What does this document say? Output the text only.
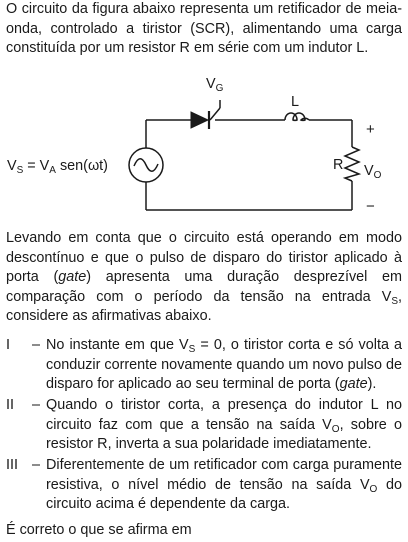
O circuito da figura abaixo representa um retificador de meia-onda, controlado a tiristor (SCR), alimentando uma carga constituída por um resistor R em série com um indutor L.
$V_S = V_A$ sen(ωt)
$V_G$
L
R $V_O$
+
−
Levando em conta que o circuito está operando em modo descontínuo e que o pulso de disparo do tiristor aplicado à porta (gate) apresenta uma duração desprezível em comparação com o período da tensão na entrada $V_S$, considere as afirmativas abaixo.
I – No instante em que $V_S = 0$, o tiristor corta e só volta a conduzir corrente novamente quando um novo pulso de disparo for aplicado ao seu terminal de porta (gate).
II – Quando o tiristor corta, a presença do indutor L no circuito faz com que a tensão na saída $V_O$, sobre o resistor R, inverta a sua polaridade imediatamente.
III – Diferentemente de um retificador com carga puramente resistiva, o nível médio de tensão na saída $V_O$ do circuito acima é dependente da carga.
É correto o que se afirma em
